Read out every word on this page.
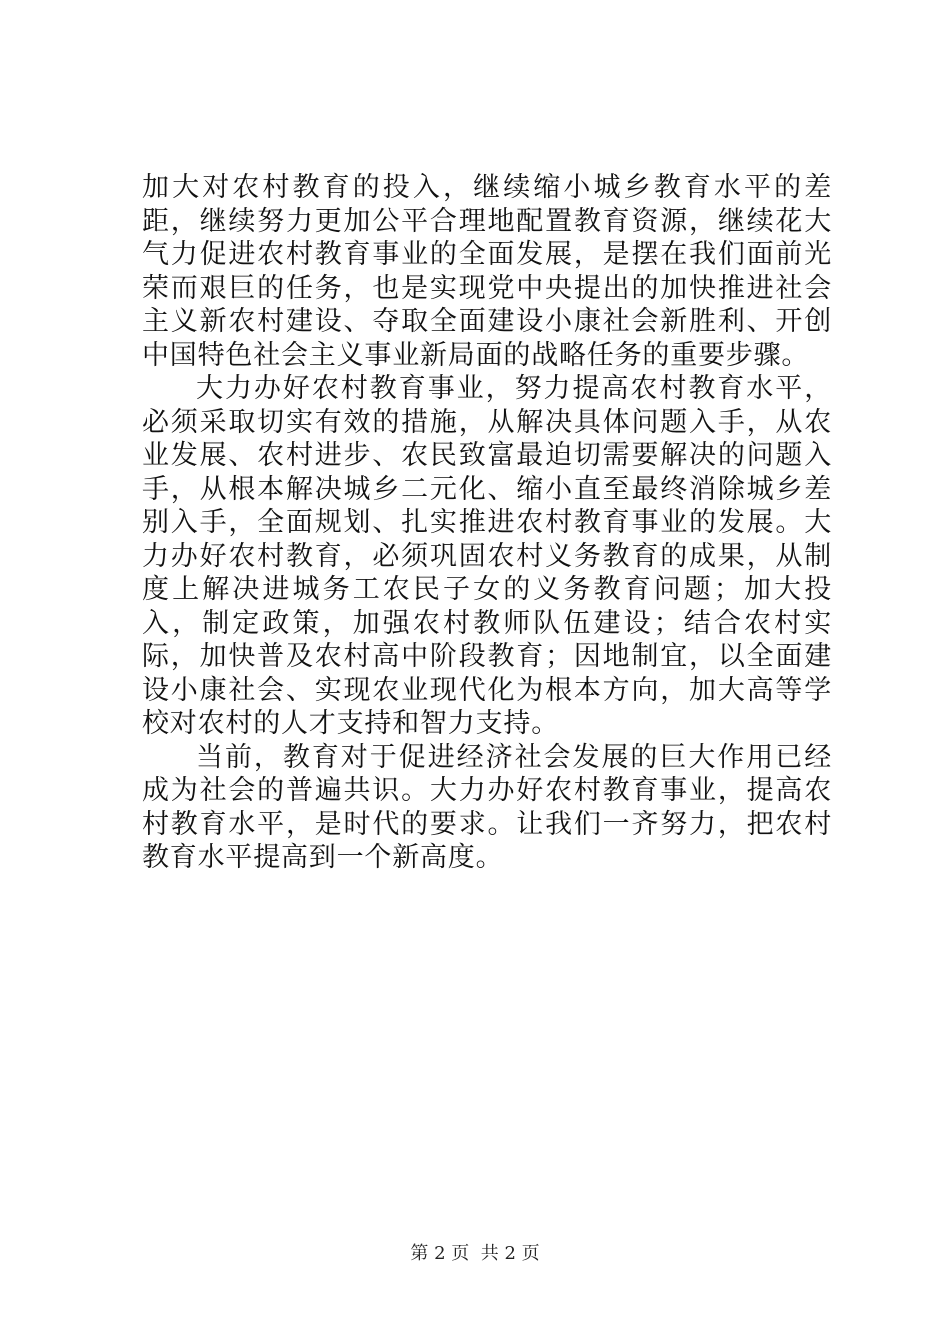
加大对农村教育的投入，继续缩小城乡教育水平的差距，继续努力更加公平合理地配置教育资源，继续花大气力促进农村教育事业的全面发展，是摆在我们面前光荣而艰巨的任务，也是实现党中央提出的加快推进社会主义新农村建设、夺取全面建设小康社会新胜利、开创中国特色社会主义事业新局面的战略任务的重要步骤。

大力办好农村教育事业，努力提高农村教育水平，必须采取切实有效的措施，从解决具体问题入手，从农业发展、农村进步、农民致富最迫切需要解决的问题入手，从根本解决城乡二元化、缩小直至最终消除城乡差别入手，全面规划、扎实推进农村教育事业的发展。大力办好农村教育，必须巩固农村义务教育的成果，从制度上解决进城务工农民子女的义务教育问题；加大投入，制定政策，加强农村教师队伍建设；结合农村实际，加快普及农村高中阶段教育；因地制宜，以全面建设小康社会、实现农业现代化为根本方向，加大高等学校对农村的人才支持和智力支持。

当前，教育对于促进经济社会发展的巨大作用已经成为社会的普遍共识。大力办好农村教育事业，提高农村教育水平，是时代的要求。让我们一齐努力，把农村教育水平提高到一个新高度。

第 2 页 共 2 页
